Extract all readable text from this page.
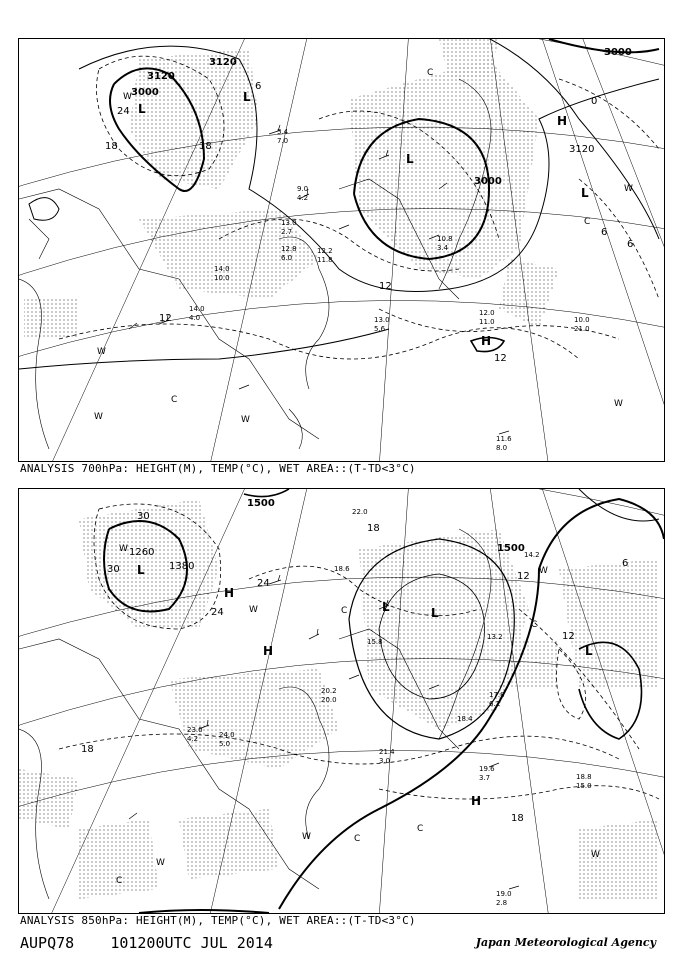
3120
3000
3120
3000
3000
3120
24
18	18
12
6
12
12
6
6
0
L
L
L
H
L
H
W
W
W	W
W
W
C
C
C
5.4
7.0
9.0
4.2
13.0
2.7
12.8
6.0
14.0
10.0
12.0
11.0	10.0
21.0
11.6
8.0
10.8
3.4
13.0
5.6
14.0
4.0
12.2
11.8
ANALYSIS 700hPa: HEIGHT(M), TEMP(°C), WET AREA::(T-TD<3°C)
1500
1500
1380
1260
30
30
24
24
18
18
12
12
18
6
L
H
H
L
L
H
L
W
W
W
W
W
W
C
C
C
C
C
22.0
18.6
15.8
14.2
19.6
3.7	18.8
15.0
19.0
2.8
21.4
3.0
23.0
4.2	24.0
5.0
20.2
20.0
18.4
13.2
17.8
6.1
ANALYSIS 850hPa: HEIGHT(M), TEMP(°C), WET AREA::(T-TD<3°C)
AUPQ78 101200UTC JUL 2014	Japan Meteorological Agency
